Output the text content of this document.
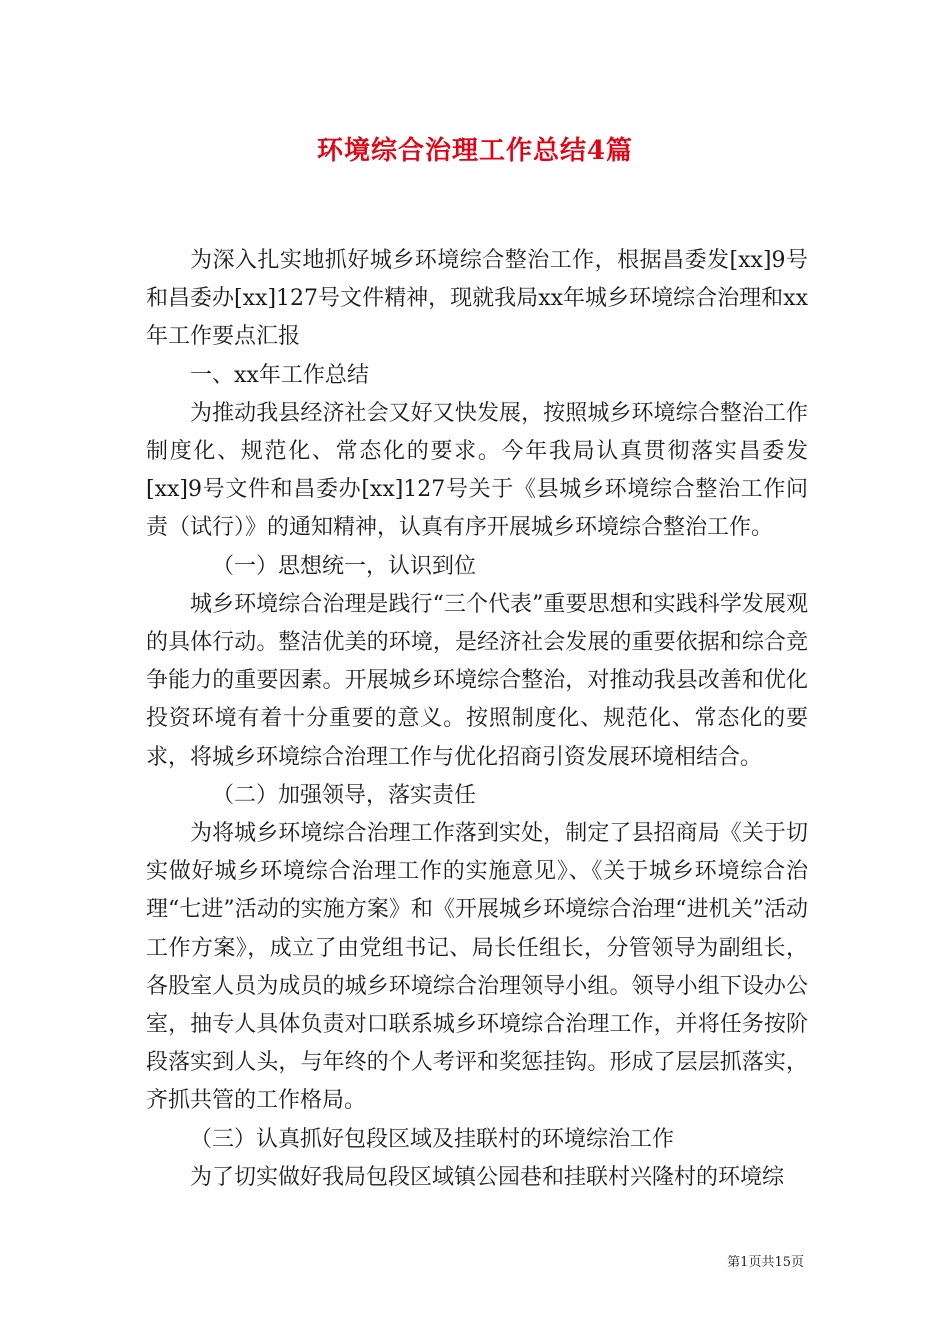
环境综合治理工作总结4篇

为深入扎实地抓好城乡环境综合整治工作，根据昌委发[xx]9号和昌委办[xx]127号文件精神，现就我局xx年城乡环境综合治理和xx年工作要点汇报

一、xx年工作总结

为推动我县经济社会又好又快发展，按照城乡环境综合整治工作制度化、规范化、常态化的要求。今年我局认真贯彻落实昌委发[xx]9号文件和昌委办[xx]127号关于《县城乡环境综合整治工作问责（试行）》的通知精神，认真有序开展城乡环境综合整治工作。

（一）思想统一，认识到位

城乡环境综合治理是践行“三个代表”重要思想和实践科学发展观的具体行动。整洁优美的环境，是经济社会发展的重要依据和综合竞争能力的重要因素。开展城乡环境综合整治，对推动我县改善和优化投资环境有着十分重要的意义。按照制度化、规范化、常态化的要求，将城乡环境综合治理工作与优化招商引资发展环境相结合。

（二）加强领导，落实责任

为将城乡环境综合治理工作落到实处，制定了县招商局《关于切实做好城乡环境综合治理工作的实施意见》、《关于城乡环境综合治理“七进”活动的实施方案》和《开展城乡环境综合治理“进机关”活动工作方案》，成立了由党组书记、局长任组长，分管领导为副组长，各股室人员为成员的城乡环境综合治理领导小组。领导小组下设办公室，抽专人具体负责对口联系城乡环境综合治理工作，并将任务按阶段落实到人头，与年终的个人考评和奖惩挂钩。形成了层层抓落实，齐抓共管的工作格局。

（三）认真抓好包段区域及挂联村的环境综治工作

为了切实做好我局包段区域镇公园巷和挂联村兴隆村的环境综

第1页共15页
